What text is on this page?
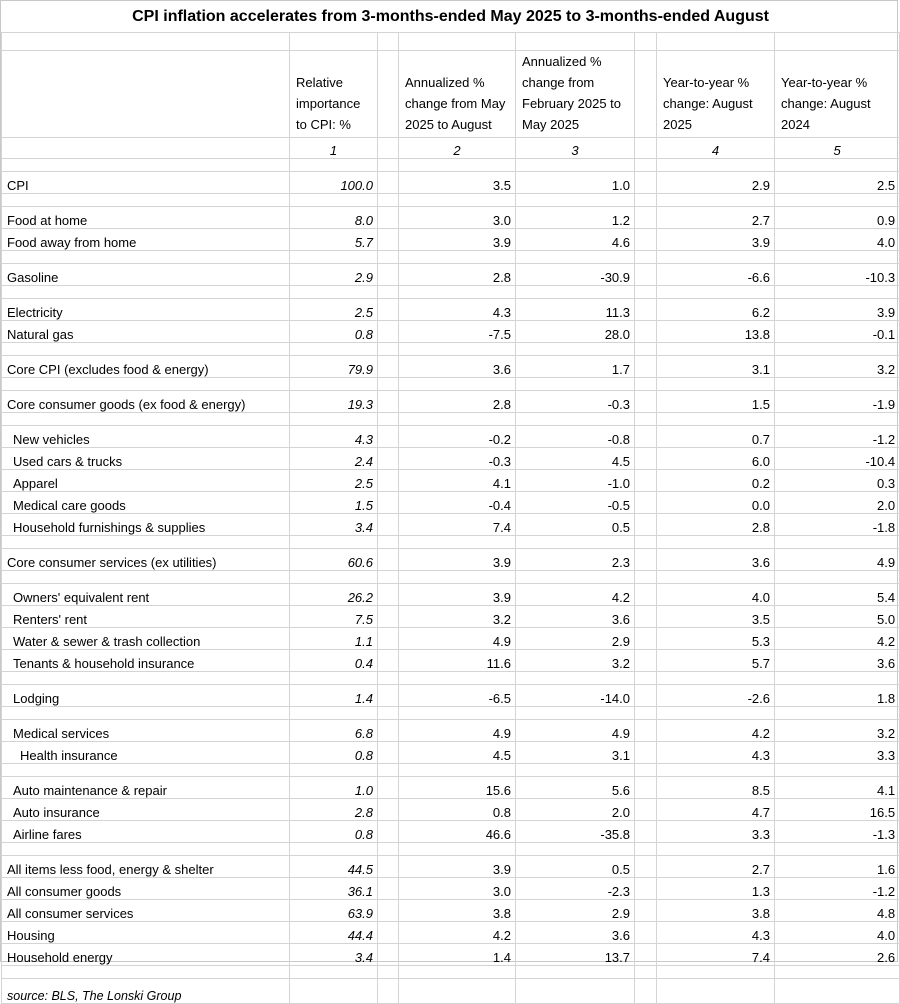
CPI inflation accelerates from 3-months-ended May 2025 to 3-months-ended August							

	Relative importance to CPI: %		Annualized % change from May 2025 to August	Annualized % change from February 2025 to May 2025		Year-to-year % change: August 2025	Year-to-year % change: August 2024
	1		2	3		4	5

CPI	100.0		3.5	1.0		2.9	2.5

Food at home	8.0		3.0	1.2		2.7	0.9
Food away from home	5.7		3.9	4.6		3.9	4.0

Gasoline	2.9		2.8	-30.9		-6.6	-10.3

Electricity	2.5		4.3	11.3		6.2	3.9
Natural gas	0.8		-7.5	28.0		13.8	-0.1

Core CPI (excludes food & energy)	79.9		3.6	1.7		3.1	3.2

Core consumer goods (ex food & energy)	19.3		2.8	-0.3		1.5	-1.9

New vehicles	4.3		-0.2	-0.8		0.7	-1.2
Used cars & trucks	2.4		-0.3	4.5		6.0	-10.4
Apparel	2.5		4.1	-1.0		0.2	0.3
Medical care goods	1.5		-0.4	-0.5		0.0	2.0
Household furnishings & supplies	3.4		7.4	0.5		2.8	-1.8

Core consumer services (ex utilities)	60.6		3.9	2.3		3.6	4.9

Owners' equivalent rent	26.2		3.9	4.2		4.0	5.4
Renters' rent	7.5		3.2	3.6		3.5	5.0
Water & sewer & trash collection	1.1		4.9	2.9		5.3	4.2
Tenants & household insurance	0.4		11.6	3.2		5.7	3.6

Lodging	1.4		-6.5	-14.0		-2.6	1.8

Medical services	6.8		4.9	4.9		4.2	3.2
Health insurance	0.8		4.5	3.1		4.3	3.3

Auto maintenance & repair	1.0		15.6	5.6		8.5	4.1
Auto insurance	2.8		0.8	2.0		4.7	16.5
Airline fares	0.8		46.6	-35.8		3.3	-1.3

All items less food, energy & shelter	44.5		3.9	0.5		2.7	1.6
All consumer goods	36.1		3.0	-2.3		1.3	-1.2
All consumer services	63.9		3.8	2.9		3.8	4.8
Housing	44.4		4.2	3.6		4.3	4.0
Household energy	3.4		1.4	13.7		7.4	2.6

source: BLS, The Lonski Group							
